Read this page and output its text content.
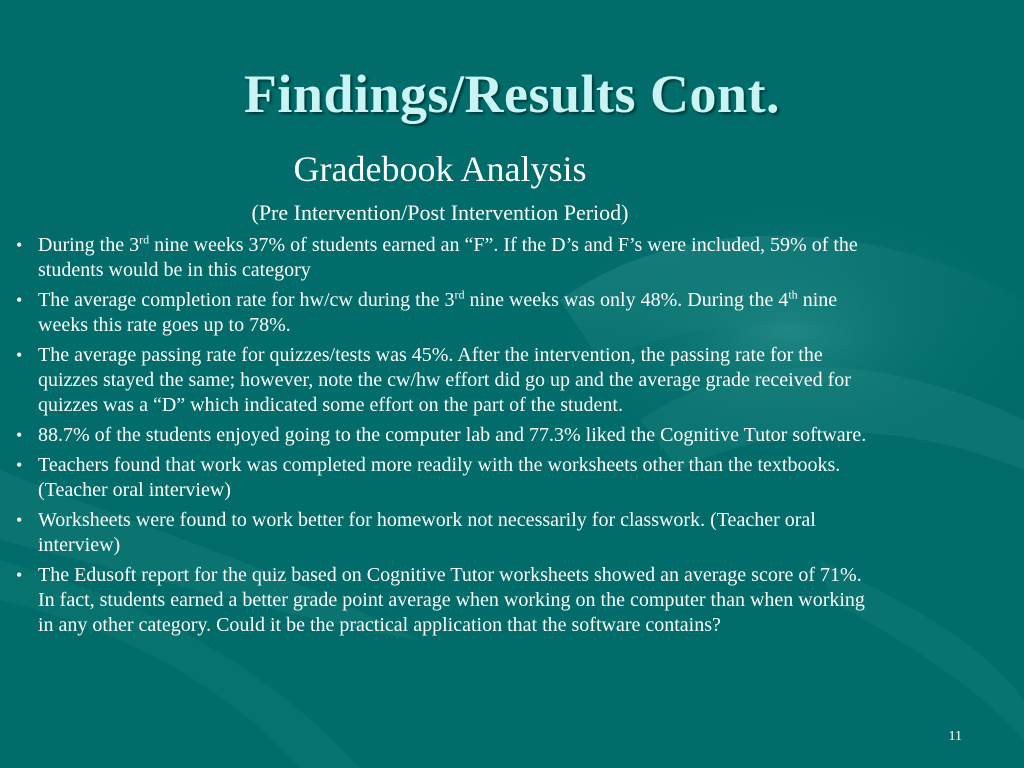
Findings/Results Cont.
Gradebook Analysis
(Pre Intervention/Post Intervention Period)
• During the 3rd nine weeks 37% of students earned an “F”. If the D’s and F’s were included, 59% of the students would be in this category
• The average completion rate for hw/cw during the 3rd nine weeks was only 48%. During the 4th nine weeks this rate goes up to 78%.
• The average passing rate for quizzes/tests was 45%. After the intervention, the passing rate for the quizzes stayed the same; however, note the cw/hw effort did go up and the average grade received for quizzes was a “D” which indicated some effort on the part of the student.
• 88.7% of the students enjoyed going to the computer lab and 77.3% liked the Cognitive Tutor software.
• Teachers found that work was completed more readily with the worksheets other than the textbooks. (Teacher oral interview)
• Worksheets were found to work better for homework not necessarily for classwork. (Teacher oral interview)
• The Edusoft report for the quiz based on Cognitive Tutor worksheets showed an average score of 71%. In fact, students earned a better grade point average when working on the computer than when working in any other category. Could it be the practical application that the software contains?
11
